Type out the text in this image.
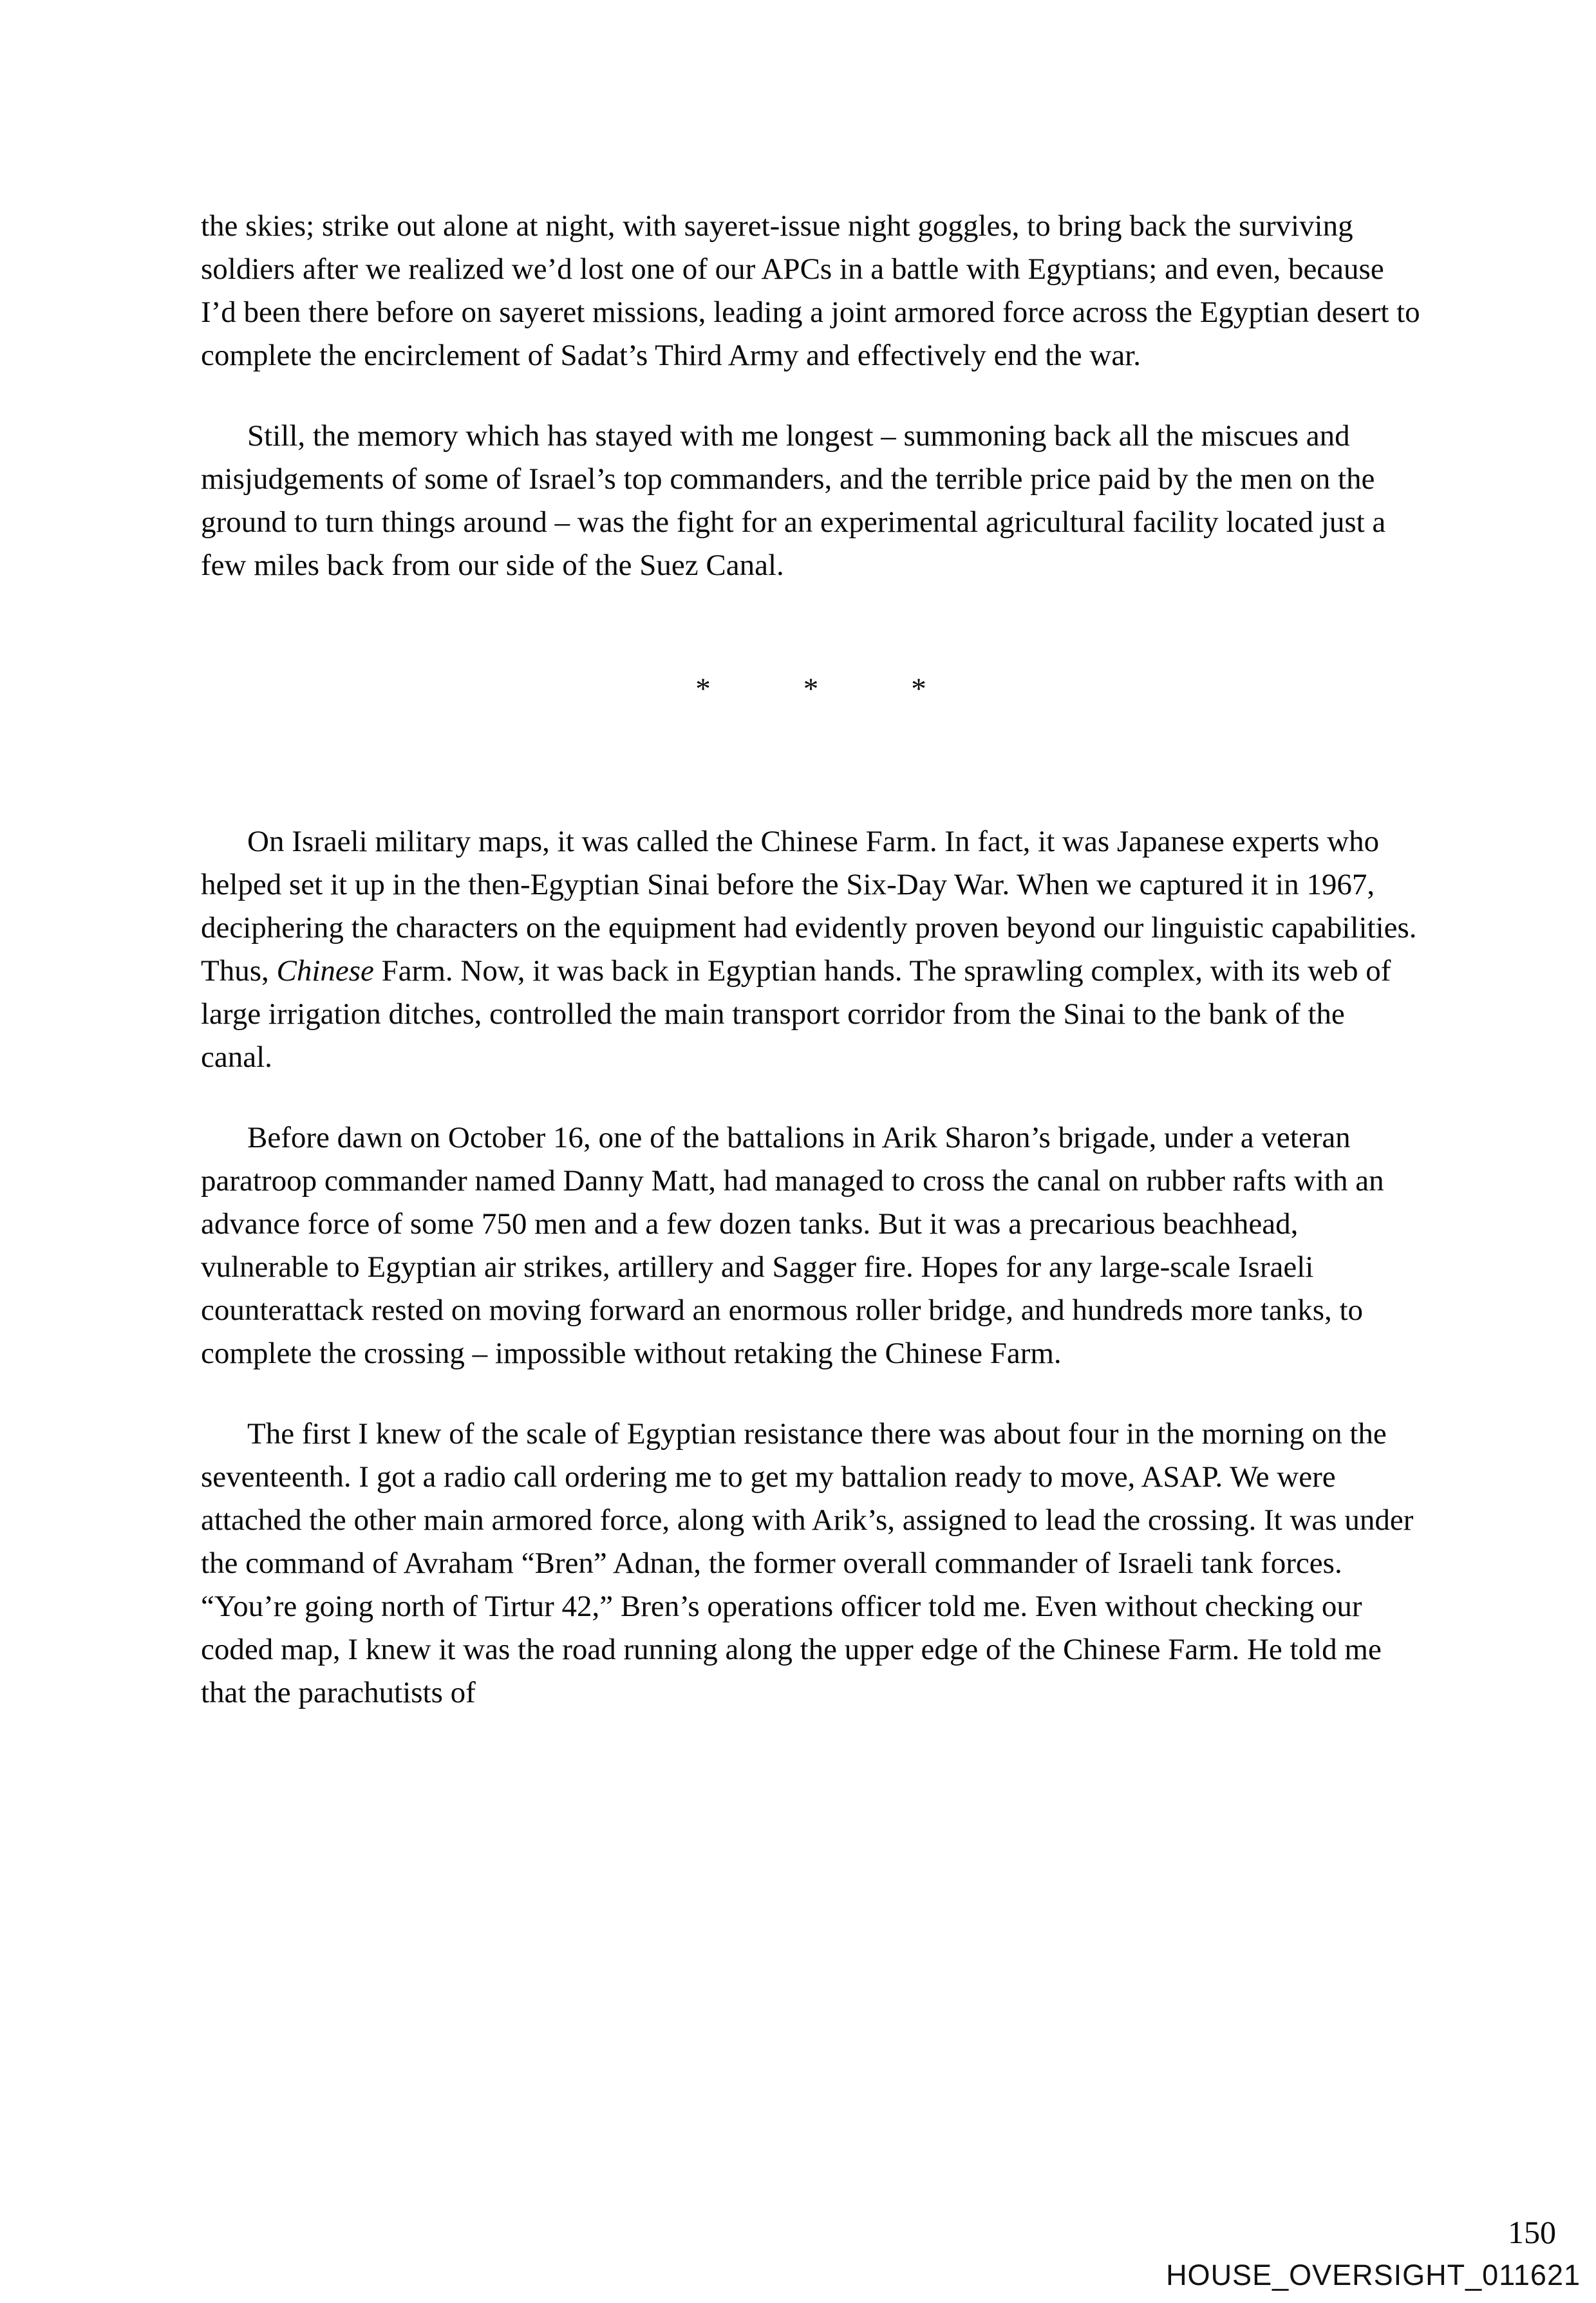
the skies; strike out alone at night, with sayeret-issue night goggles, to bring back the surviving soldiers after we realized we’d lost one of our APCs in a battle with Egyptians; and even, because I’d been there before on sayeret missions, leading a joint armored force across the Egyptian desert to complete the encirclement of Sadat’s Third Army and effectively end the war.

Still, the memory which has stayed with me longest – summoning back all the miscues and misjudgements of some of Israel’s top commanders, and the terrible price paid by the men on the ground to turn things around – was the fight for an experimental agricultural facility located just a few miles back from our side of the Suez Canal.

*	*	*

On Israeli military maps, it was called the Chinese Farm. In fact, it was Japanese experts who helped set it up in the then-Egyptian Sinai before the Six-Day War. When we captured it in 1967, deciphering the characters on the equipment had evidently proven beyond our linguistic capabilities. Thus, Chinese Farm. Now, it was back in Egyptian hands. The sprawling complex, with its web of large irrigation ditches, controlled the main transport corridor from the Sinai to the bank of the canal.

Before dawn on October 16, one of the battalions in Arik Sharon’s brigade, under a veteran paratroop commander named Danny Matt, had managed to cross the canal on rubber rafts with an advance force of some 750 men and a few dozen tanks. But it was a precarious beachhead, vulnerable to Egyptian air strikes, artillery and Sagger fire. Hopes for any large-scale Israeli counterattack rested on moving forward an enormous roller bridge, and hundreds more tanks, to complete the crossing – impossible without retaking the Chinese Farm.

The first I knew of the scale of Egyptian resistance there was about four in the morning on the seventeenth. I got a radio call ordering me to get my battalion ready to move, ASAP. We were attached the other main armored force, along with Arik’s, assigned to lead the crossing. It was under the command of Avraham “Bren” Adnan, the former overall commander of Israeli tank forces. “You’re going north of Tirtur 42,” Bren’s operations officer told me. Even without checking our coded map, I knew it was the road running along the upper edge of the Chinese Farm. He told me that the parachutists of

150
HOUSE_OVERSIGHT_011621
